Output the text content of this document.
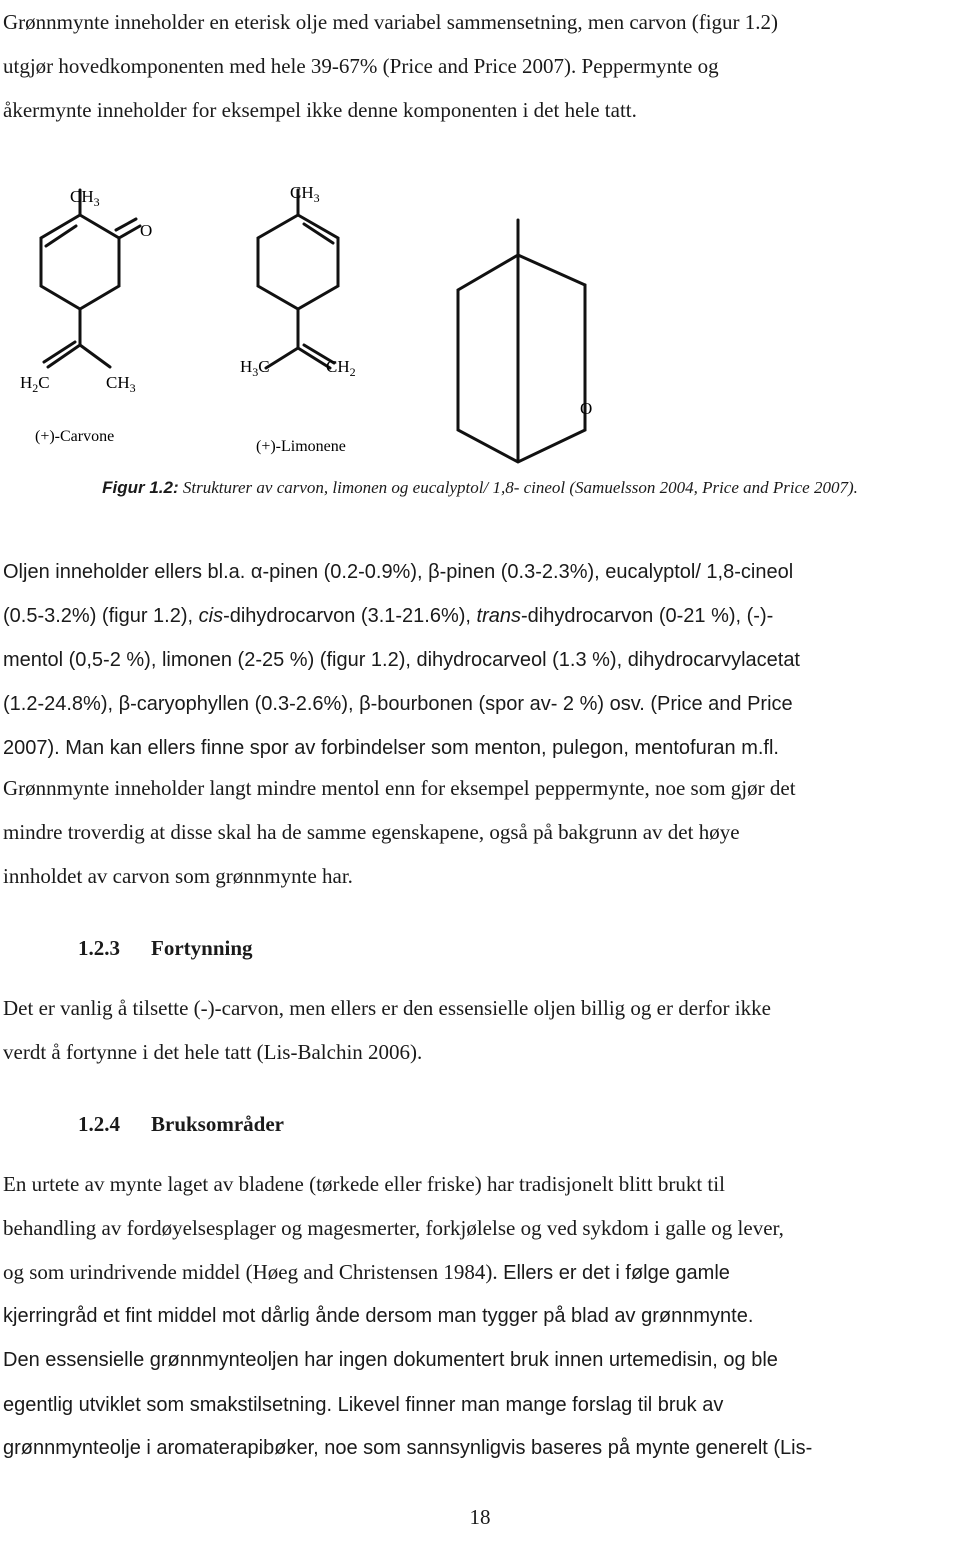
Grønnmynte inneholder en eterisk olje med variabel sammensetning, men carvon (figur 1.2)
utgjør hovedkomponenten med hele 39-67% (Price and Price 2007). Peppermynte og
åkermynte inneholder for eksempel ikke denne komponenten i det hele tatt.
$CH_3$
O
$H_2C$	$CH_3$
(+)-Carvone
$CH_3$
$H_3C$	$CH_2$
(+)-Limonene
O
Figur 1.2: Strukturer av carvon, limonen og eucalyptol/ 1,8- cineol (Samuelsson 2004, Price and Price 2007).
Oljen inneholder ellers bl.a. α-pinen (0.2-0.9%), β-pinen (0.3-2.3%), eucalyptol/ 1,8-cineol
(0.5-3.2%) (figur 1.2), cis-dihydrocarvon (3.1-21.6%), trans-dihydrocarvon (0-21 %), (-)-
mentol (0,5-2 %), limonen (2-25 %) (figur 1.2), dihydrocarveol (1.3 %), dihydrocarvylacetat
(1.2-24.8%), β-caryophyllen (0.3-2.6%), β-bourbonen (spor av- 2 %) osv. (Price and Price
2007). Man kan ellers finne spor av forbindelser som menton, pulegon, mentofuran m.fl.
Grønnmynte inneholder langt mindre mentol enn for eksempel peppermynte, noe som gjør det
mindre troverdig at disse skal ha de samme egenskapene, også på bakgrunn av det høye
innholdet av carvon som grønnmynte har.
1.2.3 Fortynning
Det er vanlig å tilsette (-)-carvon, men ellers er den essensielle oljen billig og er derfor ikke
verdt å fortynne i det hele tatt (Lis-Balchin 2006).
1.2.4 Bruksområder
En urtete av mynte laget av bladene (tørkede eller friske) har tradisjonelt blitt brukt til
behandling av fordøyelsesplager og magesmerter, forkjølelse og ved sykdom i galle og lever,
og som urindrivende middel (Høeg and Christensen 1984). Ellers er det i følge gamle
kjerringråd et fint middel mot dårlig ånde dersom man tygger på blad av grønnmynte.
Den essensielle grønnmynteoljen har ingen dokumentert bruk innen urtemedisin, og ble
egentlig utviklet som smakstilsetning. Likevel finner man mange forslag til bruk av
grønnmynteolje i aromaterapibøker, noe som sannsynligvis baseres på mynte generelt (Lis-
18
